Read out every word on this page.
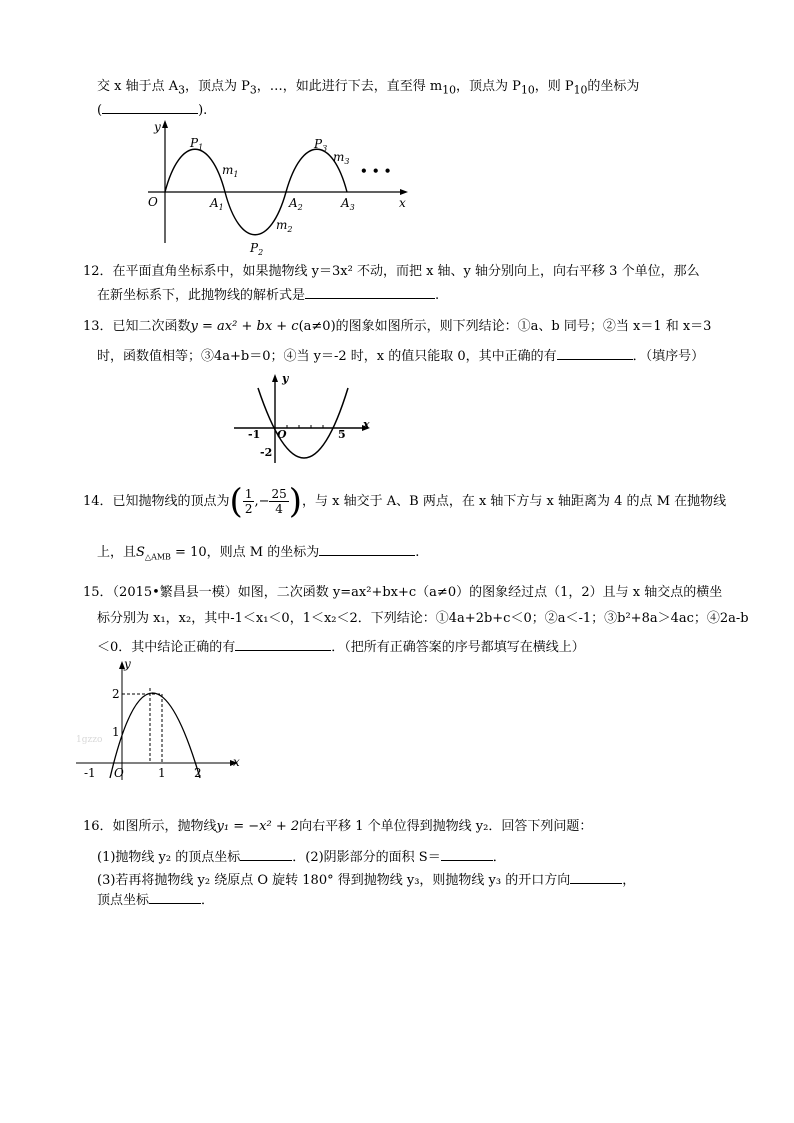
交 x 轴于点 $A_3$，顶点为 $P_3$，…，如此进行下去，直至得 $m_{10}$，顶点为 $P_{10}$，则 $P_{10}$的坐标为
(	).
y
x
O
$P_1$
$m_1$
$A_1$
$P_2$
$m_2$
$A_2$
$P_3$
$m_3$
$A_3$
• • •
12．在平面直角坐标系中，如果抛物线 y＝3x² 不动，而把 x 轴、y 轴分别向上，向右平移 3 个单位，那么
在新坐标系下，此抛物线的解析式是	.
13．已知二次函数y = ax² + bx + c(a≠0)的图象如图所示，则下列结论：①a、b 同号；②当 x＝1 和 x＝3
时，函数值相等；③4a+b＝0；④当 y＝-2 时，x 的值只能取 0，其中正确的有	．（填序号）
y
x
O
-1	5
-2
14．已知抛物线的顶点为( $\frac{1}{2}$ ,− $\frac{25}{4}$ )，与 x 轴交于 A、B 两点，在 x 轴下方与 x 轴距离为 4 的点 M 在抛物线
上，且$S_{\triangle AMB} = 10$，则点 M 的坐标为	.
15．（2015•繁昌县一模）如图，二次函数 y=ax²+bx+c（a≠0）的图象经过点（1，2）且与 x 轴交点的横坐
标分别为 x₁，x₂，其中-1＜x₁＜0，1＜x₂＜2．下列结论：①4a+2b+c＜0；②a＜-1；③b²+8a＞4ac；④2a-b
＜0．其中结论正确的有	．（把所有正确答案的序号都填写在横线上）
y
x
2
1
-1 O	1 2
1gzzo
16．如图所示，抛物线y₁ = −x² + 2向右平移 1 个单位得到抛物线 y₂．回答下列问题：
(1)抛物线 y₂ 的顶点坐标	．(2)阴影部分的面积 S＝	．
(3)若再将抛物线 y₂ 绕原点 O 旋转 180° 得到抛物线 y₃，则抛物线 y₃ 的开口方向	，
顶点坐标	．
